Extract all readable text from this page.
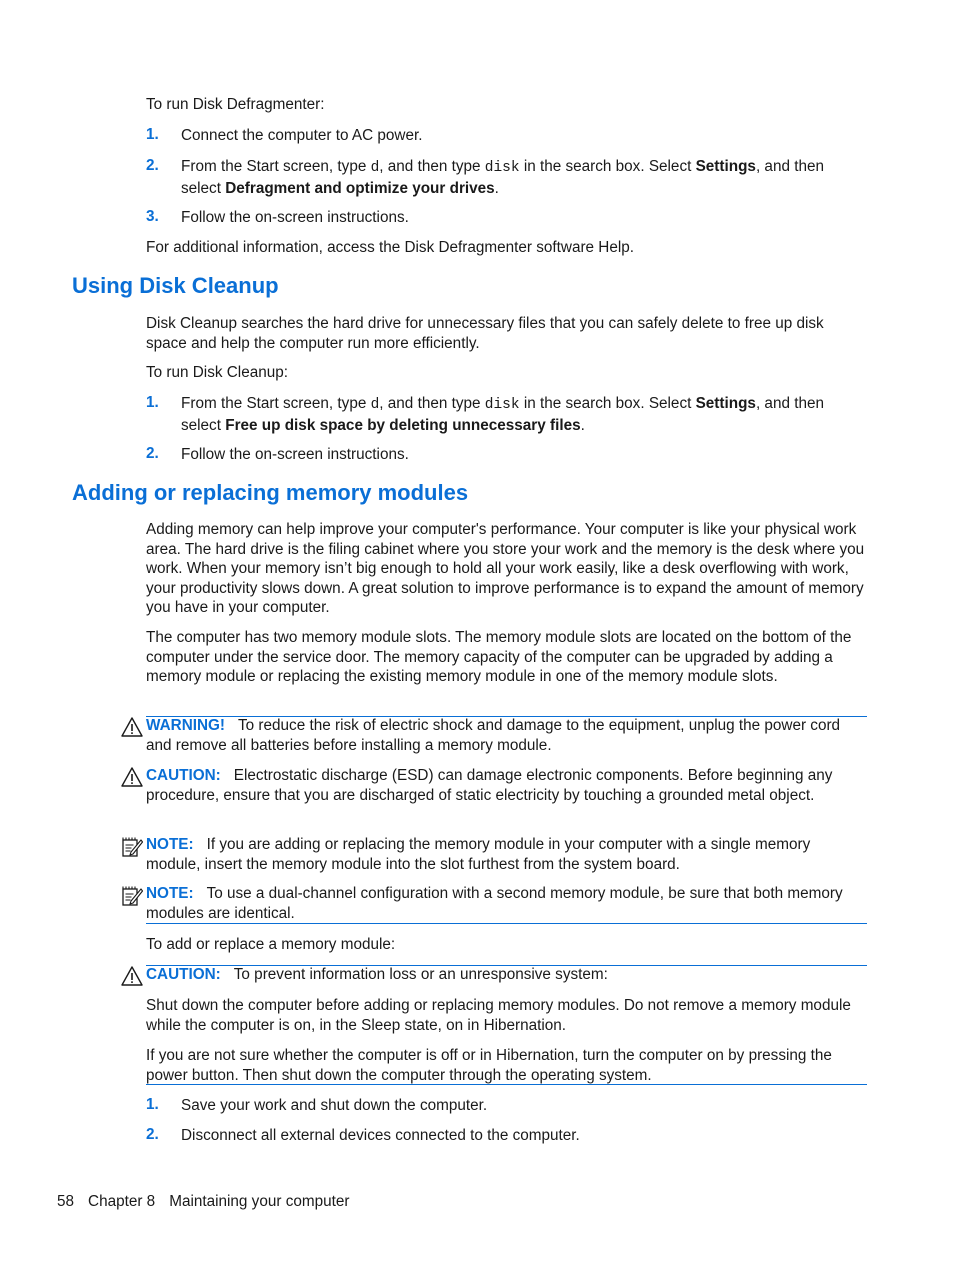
To run Disk Defragmenter:

1. Connect the computer to AC power.

2. From the Start screen, type d, and then type disk in the search box. Select Settings, and then select Defragment and optimize your drives.

3. Follow the on-screen instructions.

For additional information, access the Disk Defragmenter software Help.

Using Disk Cleanup

Disk Cleanup searches the hard drive for unnecessary files that you can safely delete to free up disk space and help the computer run more efficiently.

To run Disk Cleanup:

1. From the Start screen, type d, and then type disk in the search box. Select Settings, and then select Free up disk space by deleting unnecessary files.

2. Follow the on-screen instructions.

Adding or replacing memory modules

Adding memory can help improve your computer's performance. Your computer is like your physical work area. The hard drive is the filing cabinet where you store your work and the memory is the desk where you work. When your memory isn’t big enough to hold all your work easily, like a desk overflowing with work, your productivity slows down. A great solution to improve performance is to expand the amount of memory you have in your computer.

The computer has two memory module slots. The memory module slots are located on the bottom of the computer under the service door. The memory capacity of the computer can be upgraded by adding a memory module or replacing the existing memory module in one of the memory module slots.

WARNING! To reduce the risk of electric shock and damage to the equipment, unplug the power cord and remove all batteries before installing a memory module.

CAUTION: Electrostatic discharge (ESD) can damage electronic components. Before beginning any procedure, ensure that you are discharged of static electricity by touching a grounded metal object.

NOTE: If you are adding or replacing the memory module in your computer with a single memory module, insert the memory module into the slot furthest from the system board.

NOTE: To use a dual-channel configuration with a second memory module, be sure that both memory modules are identical.

To add or replace a memory module:

CAUTION: To prevent information loss or an unresponsive system:

Shut down the computer before adding or replacing memory modules. Do not remove a memory module while the computer is on, in the Sleep state, on in Hibernation.

If you are not sure whether the computer is off or in Hibernation, turn the computer on by pressing the power button. Then shut down the computer through the operating system.

1. Save your work and shut down the computer.

2. Disconnect all external devices connected to the computer.

58 Chapter 8 Maintaining your computer
